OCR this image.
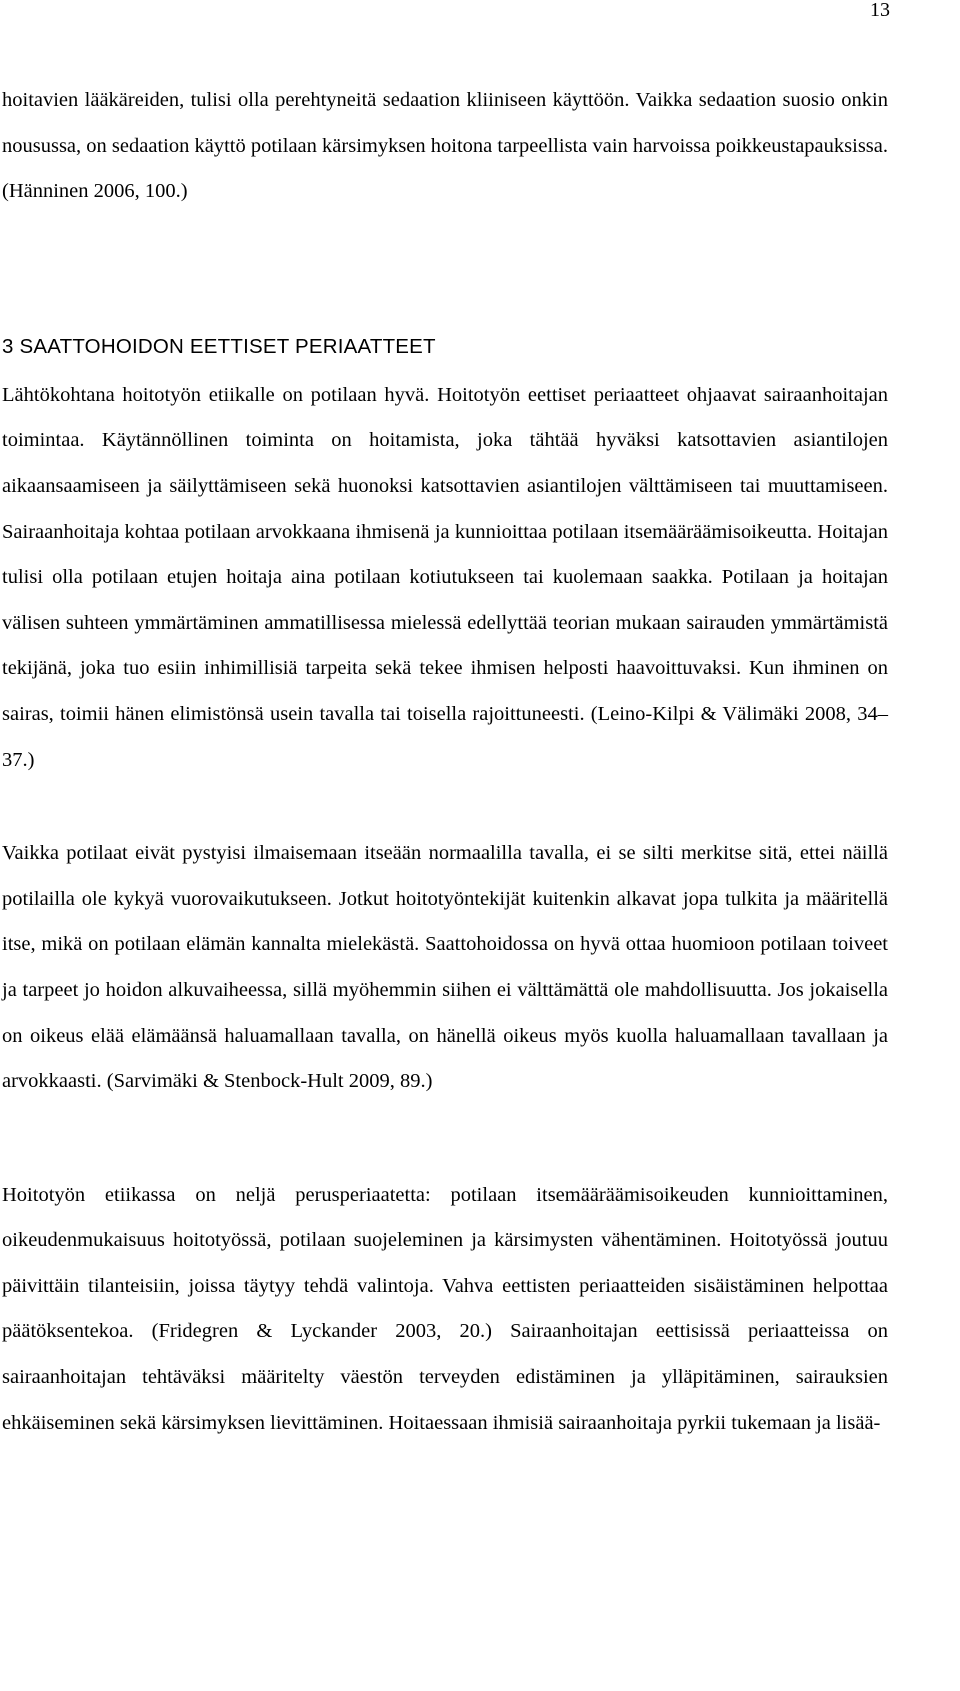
13

hoitavien lääkäreiden, tulisi olla perehtyneitä sedaation kliiniseen käyttöön. Vaikka sedaation suosio onkin nousussa, on sedaation käyttö potilaan kärsimyksen hoitona tarpeellista vain harvoissa poikkeustapauksissa. (Hänninen 2006, 100.)

3 SAATTOHOIDON EETTISET PERIAATTEET

Lähtökohtana hoitotyön etiikalle on potilaan hyvä. Hoitotyön eettiset periaatteet ohjaavat sairaanhoitajan toimintaa. Käytännöllinen toiminta on hoitamista, joka tähtää hyväksi katsottavien asiantilojen aikaansaamiseen ja säilyttämiseen sekä huonoksi katsottavien asiantilojen välttämiseen tai muuttamiseen. Sairaanhoitaja kohtaa potilaan arvokkaana ihmisenä ja kunnioittaa potilaan itsemääräämisoikeutta. Hoitajan tulisi olla potilaan etujen hoitaja aina potilaan kotiutukseen tai kuolemaan saakka. Potilaan ja hoitajan välisen suhteen ymmärtäminen ammatillisessa mielessä edellyttää teorian mukaan sairauden ymmärtämistä tekijänä, joka tuo esiin inhimillisiä tarpeita sekä tekee ihmisen helposti haavoittuvaksi. Kun ihminen on sairas, toimii hänen elimistönsä usein tavalla tai toisella rajoittuneesti. (Leino-Kilpi & Välimäki 2008, 34–37.)

Vaikka potilaat eivät pystyisi ilmaisemaan itseään normaalilla tavalla, ei se silti merkitse sitä, ettei näillä potilailla ole kykyä vuorovaikutukseen. Jotkut hoitotyöntekijät kuitenkin alkavat jopa tulkita ja määritellä itse, mikä on potilaan elämän kannalta mielekästä. Saattohoidossa on hyvä ottaa huomioon potilaan toiveet ja tarpeet jo hoidon alkuvaiheessa, sillä myöhemmin siihen ei välttämättä ole mahdollisuutta. Jos jokaisella on oikeus elää elämäänsä haluamallaan tavalla, on hänellä oikeus myös kuolla haluamallaan tavallaan ja arvokkaasti. (Sarvimäki & Stenbock-Hult 2009, 89.)

Hoitotyön etiikassa on neljä perusperiaatetta: potilaan itsemääräämisoikeuden kunnioittaminen, oikeudenmukaisuus hoitotyössä, potilaan suojeleminen ja kärsimysten vähentäminen. Hoitotyössä joutuu päivittäin tilanteisiin, joissa täytyy tehdä valintoja. Vahva eettisten periaatteiden sisäistäminen helpottaa päätöksentekoa. (Fridegren & Lyckander 2003, 20.) Sairaanhoitajan eettisissä periaatteissa on sairaanhoitajan tehtäväksi määritelty väestön terveyden edistäminen ja ylläpitäminen, sairauksien ehkäiseminen sekä kärsimyksen lievittäminen. Hoitaessaan ihmisiä sairaanhoitaja pyrkii tukemaan ja lisää-
